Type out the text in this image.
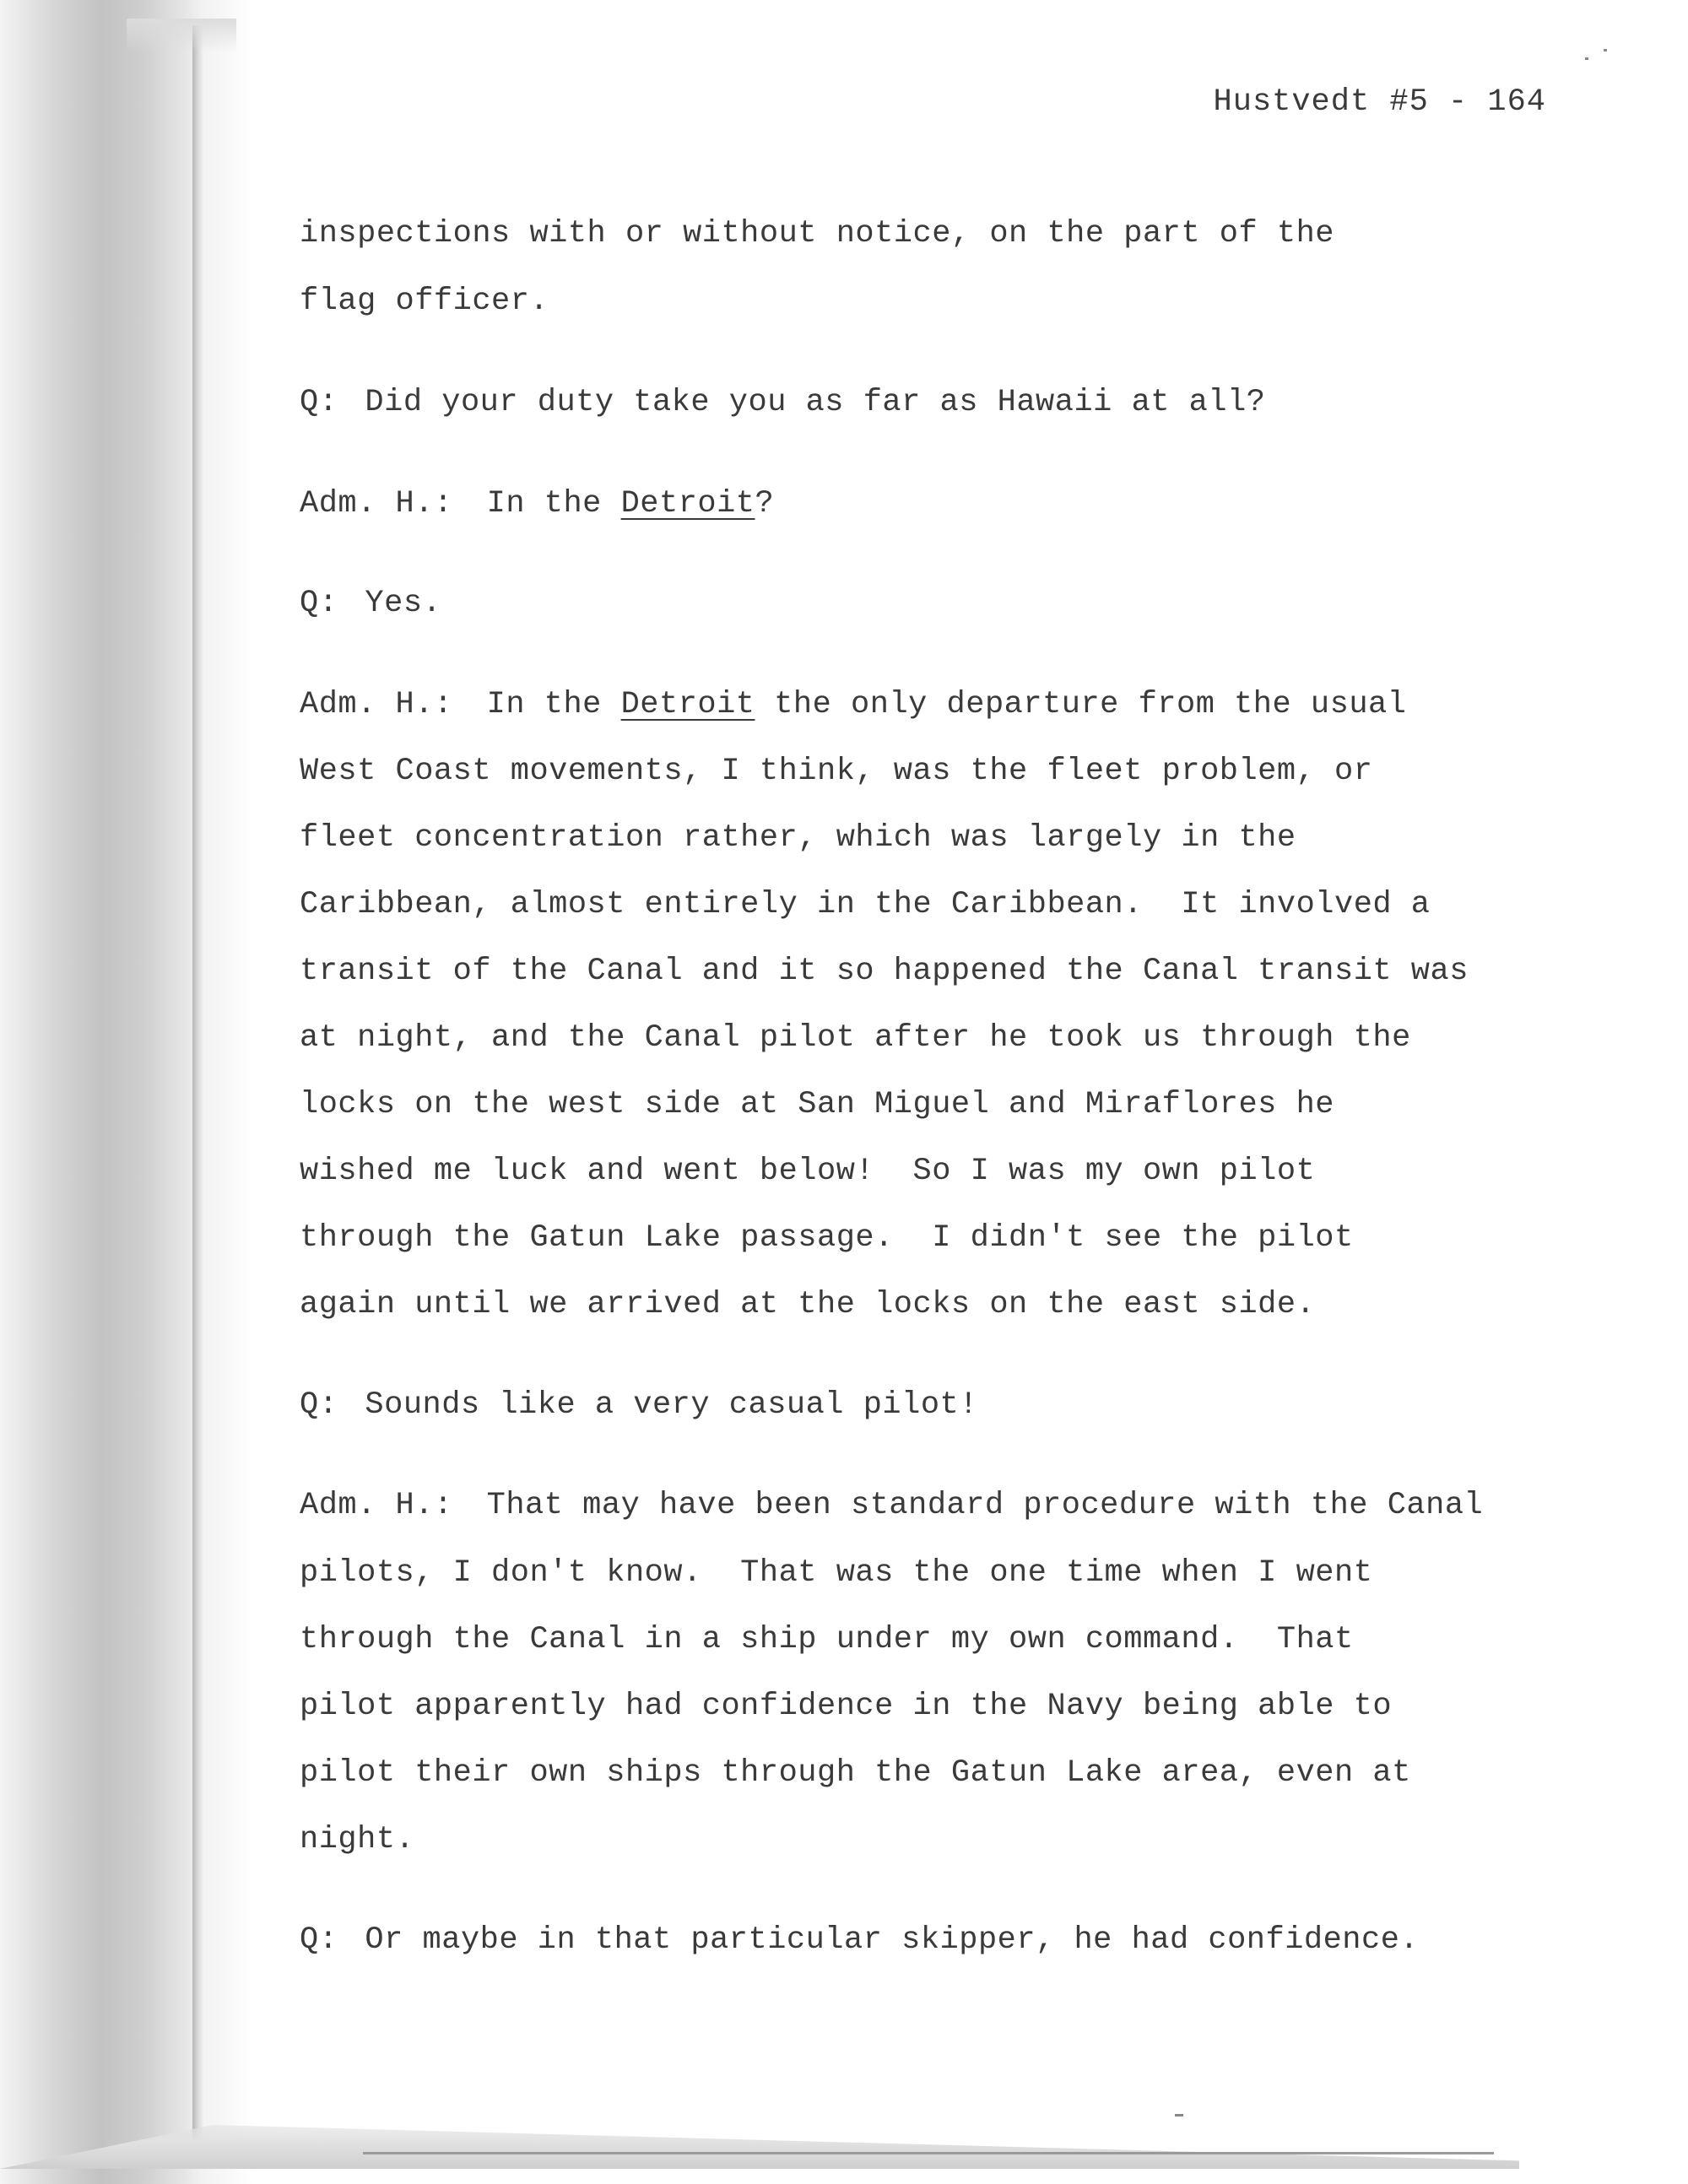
Hustvedt #5 - 164
inspections with or without notice, on the part of the
flag officer.
Q: Did your duty take you as far as Hawaii at all?
Adm. H.: In the Detroit?
Q: Yes.
Adm. H.: In the Detroit the only departure from the usual
West Coast movements, I think, was the fleet problem, or
fleet concentration rather, which was largely in the
Caribbean, almost entirely in the Caribbean.  It involved a
transit of the Canal and it so happened the Canal transit was
at night, and the Canal pilot after he took us through the
locks on the west side at San Miguel and Miraflores he
wished me luck and went below!  So I was my own pilot
through the Gatun Lake passage.  I didn't see the pilot
again until we arrived at the locks on the east side.
Q: Sounds like a very casual pilot!
Adm. H.: That may have been standard procedure with the Canal
pilots, I don't know.  That was the one time when I went
through the Canal in a ship under my own command.  That
pilot apparently had confidence in the Navy being able to
pilot their own ships through the Gatun Lake area, even at
night.
Q: Or maybe in that particular skipper, he had confidence.
